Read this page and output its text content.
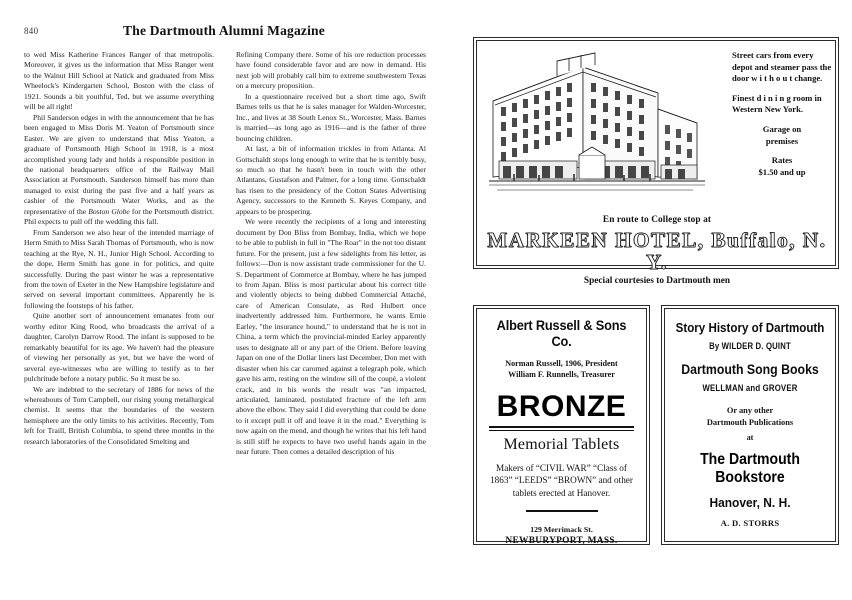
840	The Dartmouth Alumni Magazine

to wed Miss Katherine Frances Ranger of that metropolis. Moreover, it gives us the information that Miss Ranger went to the Walnut Hill School at Natick and graduated from Miss Wheelock's Kindergarten School, Boston with the class of 1921. Sounds a bit youthful, Ted, but we assume everything will be all right!

Phil Sanderson edges in with the announcement that he has been engaged to Miss Doris M. Yeaton of Portsmouth since Easter. We are given to understand that Miss Yeaton, a graduate of Portsmouth High School in 1918, is a most accomplished young lady and holds a responsible position in the national headquarters office of the Railway Mail Association at Portsmouth. Sanderson himself has more than managed to exist during the past five and a half years as cashier of the Portsmouth Water Works, and as the representative of the Boston Globe for the Portsmouth district. Phil expects to pull off the wedding this fall.

From Sanderson we also hear of the intended marriage of Herm Smith to Miss Sarah Thomas of Portsmouth, who is now teaching at the Rye, N. H., Junior High School. According to the dope, Herm Smith has gone in for politics, and quite successfully. During the past winter he was a representative from the town of Exeter in the New Hampshire legislature and served on several important committees. Apparently he is following the footsteps of his father.

Quite another sort of announcement emanates from our worthy editor King Rood, who broadcasts the arrival of a daughter, Carolyn Darrow Rood. The infant is supposed to be remarkably beautiful for its age. We haven't had the pleasure of viewing her personally as yet, but we have the word of several eye-witnesses who are willing to testify as to her pulchritude before a notary public. So it must be so.

We are indebted to the secretary of 1886 for news of the whereabouts of Tom Campbell, our rising young metallurgical chemist. It seems that the boundaries of the western hemisphere are the only limits to his activities. Recently, Tom left for Traill, British Columbia, to spend three months in the research laboratories of the Consolidated Smelting and

Refining Company there. Some of his ore reduction processes have found considerable favor and are now in demand. His next job will probably call him to extreme southwestern Texas on a mercury proposition.

In a questionnaire received but a short time ago, Swift Barnes tells us that he is sales manager for Walden-Worcester, Inc., and lives at 38 South Lenox St., Worcester, Mass. Barnes is married—as long ago as 1916—and is the father of three bouncing children.

At last, a bit of information trickles in from Atlanta. Al Gottschaldt stops long enough to write that he is terribly busy, so much so that he hasn't been in touch with the other Atlantans, Gustafson and Palmer, for a long time. Gottschaldt has risen to the presidency of the Cotton States Advertising Agency, successors to the Kenneth S. Keyes Company, and appears to be prospering.

We were recently the recipients of a long and interesting document by Don Bliss from Bombay, India, which we hope to be able to publish in full in "The Roar" in the not too distant future. For the present, just a few sidelights from his letter, as follows:—Don is now assistant trade commissioner for the U. S. Department of Commerce at Bombay, where he has jumped to from Japan. Bliss is most particular about his correct title and violently objects to being dubbed Commercial Attaché, care of American Consulate, as Red Hulbert once inadvertently addressed him. Furthermore, he wants Ernie Earley, "the insurance hound," to understand that he is not in China, a term which the provincial-minded Earley apparently uses to designate all or any part of the Orient. Before leaving Japan on one of the Dollar liners last December, Don met with disaster when his car caromed against a telegraph pole, which gave his arm, resting on the window sill of the coupé, a violent crack, and in his words the result was "an impacted, articulated, laminated, postulated fracture of the left arm above the elbow. They said I did everything that could be done to it except pull it off and leave it in the road." Everything is now again on the mend, and though he writes that his left hand is still stiff he expects to have two useful hands again in the near future. Then comes a detailed description of his

Street cars from every depot and steamer pass the door w i t h o u t change.

Finest d i n i n g room in Western New York.

Garage on
premises

Rates
$1.50 and up

En route to College stop at
MARKEEN HOTEL, Buffalo, N. Y.
Special courtesies to Dartmouth men
Albert Russell & Sons Co.
Norman Russell, 1906, President
William F. Runnells, Treasurer
BRONZE
Memorial Tablets
Makers of “CIVIL WAR” “Class of 1863” “LEEDS” “BROWN” and other tablets erected at Hanover.
129 Merrimack St.
NEWBURYPORT, MASS.
Story History of Dartmouth
By WILDER D. QUINT
Dartmouth Song Books
WELLMAN and GROVER
Or any other
Dartmouth Publications
at
The Dartmouth Bookstore
Hanover, N. H.
A. D. STORRS
